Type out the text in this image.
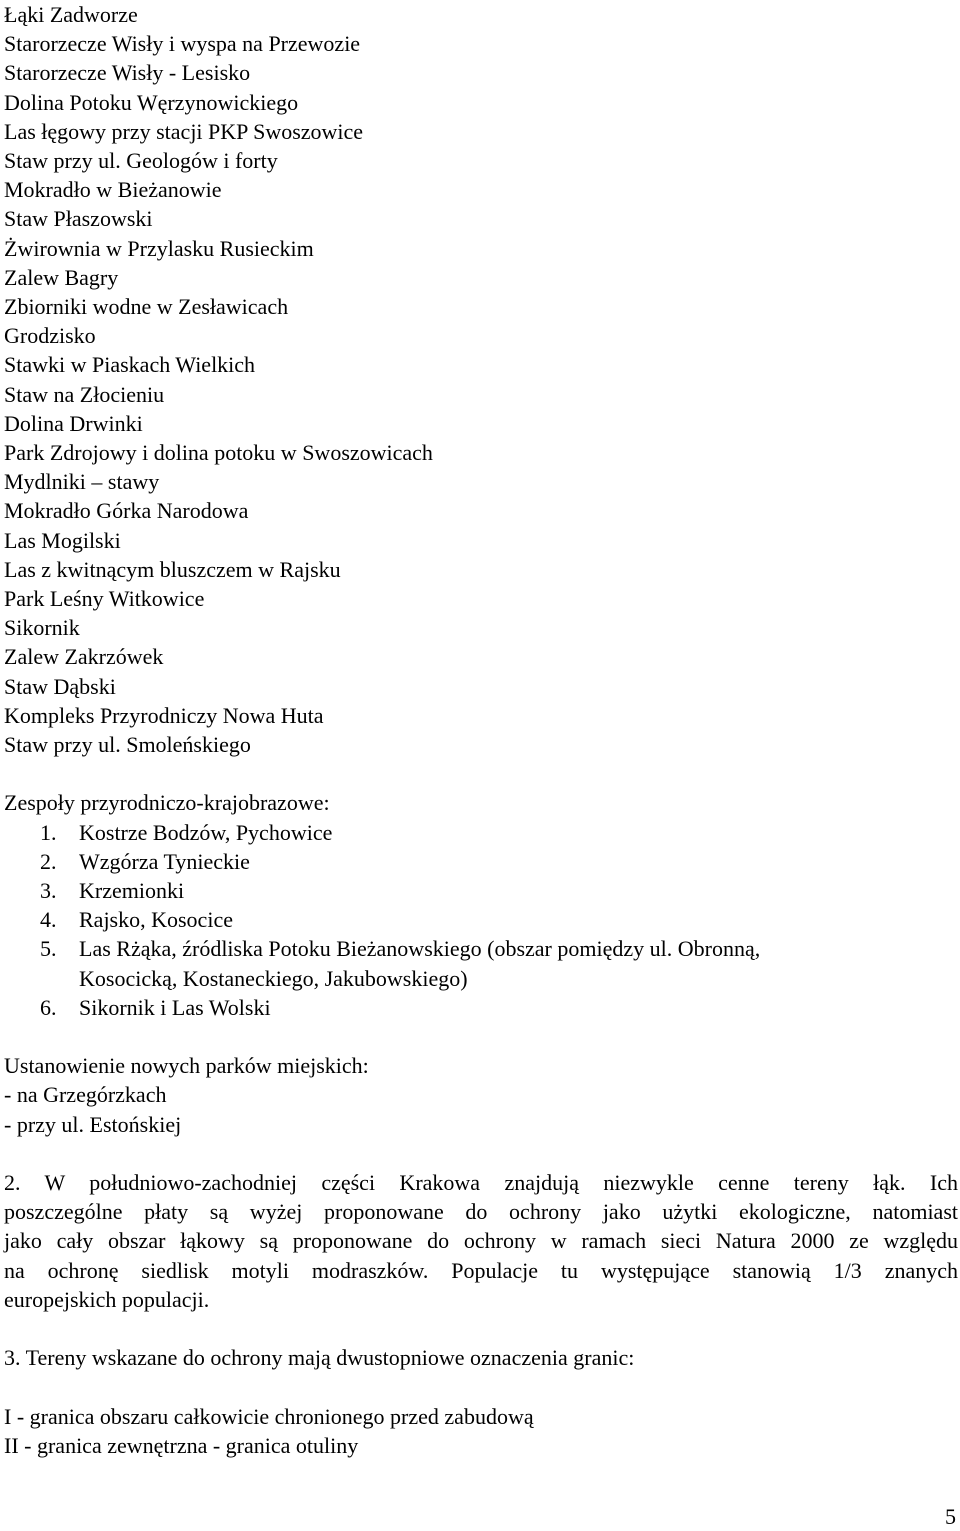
Łąki Zadworze
Starorzecze Wisły i wyspa na Przewozie
Starorzecze Wisły - Lesisko
Dolina Potoku Węrzynowickiego
Las łęgowy przy stacji PKP Swoszowice
Staw przy ul. Geologów i forty
Mokradło w Bieżanowie
Staw Płaszowski
Żwirownia w Przylasku Rusieckim
Zalew Bagry
Zbiorniki wodne w Zesławicach
Grodzisko
Stawki w Piaskach Wielkich
Staw na Złocieniu
Dolina Drwinki
Park Zdrojowy i dolina potoku w Swoszowicach
Mydlniki – stawy
Mokradło Górka Narodowa
Las Mogilski
Las z kwitnącym bluszczem w Rajsku
Park Leśny Witkowice
Sikornik
Zalew Zakrzówek
Staw Dąbski
Kompleks Przyrodniczy Nowa Huta
Staw przy ul. Smoleńskiego
Zespoły przyrodniczo-krajobrazowe:
1. Kostrze Bodzów, Pychowice
2. Wzgórza Tynieckie
3. Krzemionki
4. Rajsko, Kosocice
5. Las Rżąka, źródliska Potoku Bieżanowskiego (obszar pomiędzy ul. Obronną,
Kosocicką, Kostaneckiego, Jakubowskiego)
6. Sikornik i Las Wolski
Ustanowienie nowych parków miejskich:
- na Grzegórzkach
- przy ul. Estońskiej
2. W południowo-zachodniej części Krakowa znajdują niezwykle cenne tereny łąk. Ich
poszczególne płaty są wyżej proponowane do ochrony jako użytki ekologiczne, natomiast
jako cały obszar łąkowy są proponowane do ochrony w ramach sieci Natura 2000 ze względu
na ochronę siedlisk motyli modraszków. Populacje tu występujące stanowią 1/3 znanych
europejskich populacji.
3. Tereny wskazane do ochrony mają dwustopniowe oznaczenia granic:
I - granica obszaru całkowicie chronionego przed zabudową
II - granica zewnętrzna - granica otuliny
5
